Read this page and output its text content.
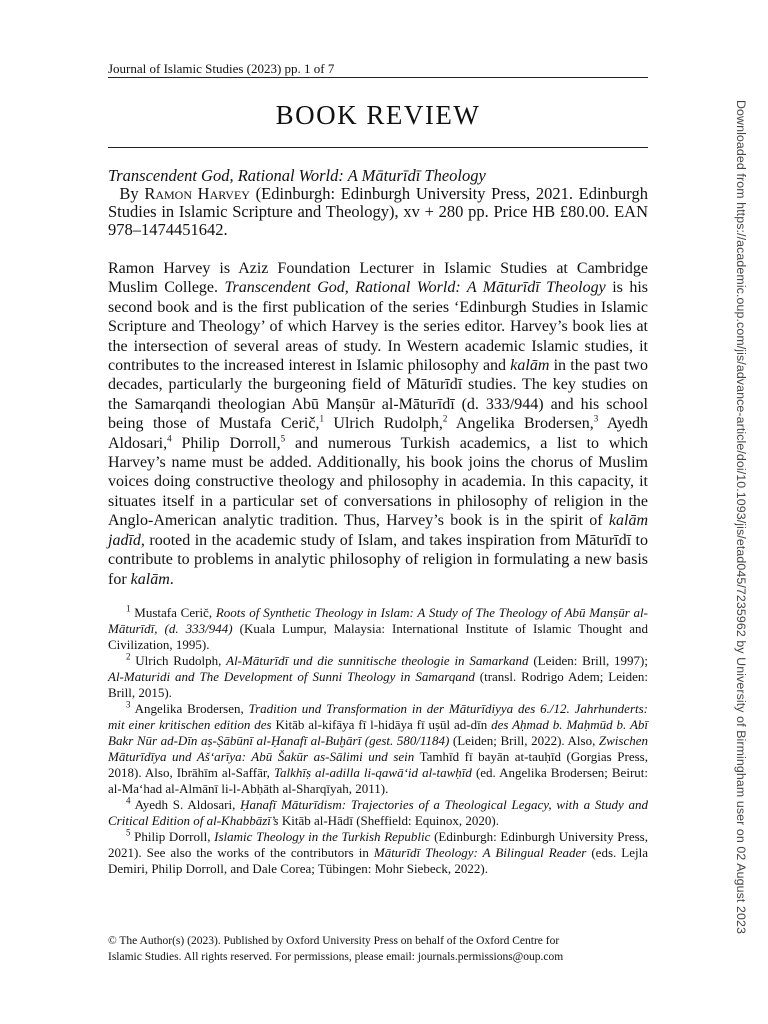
Journal of Islamic Studies (2023) pp. 1 of 7
BOOK REVIEW
Transcendent God, Rational World: A Māturīdī Theology
By Ramon Harvey (Edinburgh: Edinburgh University Press, 2021. Edinburgh Studies in Islamic Scripture and Theology), xv + 280 pp. Price HB £80.00. EAN 978–1474451642.
Ramon Harvey is Aziz Foundation Lecturer in Islamic Studies at Cambridge Muslim College. Transcendent God, Rational World: A Māturīdī Theology is his second book and is the first publication of the series ‘Edinburgh Studies in Islamic Scripture and Theology’ of which Harvey is the series editor. Harvey’s book lies at the intersection of several areas of study. In Western academic Islamic studies, it contributes to the increased interest in Islamic philosophy and kalām in the past two decades, particularly the burgeoning field of Māturīdī studies. The key studies on the Samarqandi theologian Abū Manṣūr al-Māturīdī (d. 333/944) and his school being those of Mustafa Cerič,$^1$ Ulrich Rudolph,$^2$ Angelika Brodersen,$^3$ Ayedh Aldosari,$^4$ Philip Dorroll,$^5$ and numerous Turkish academics, a list to which Harvey’s name must be added. Additionally, his book joins the chorus of Muslim voices doing constructive theology and philosophy in academia. In this capacity, it situates itself in a particular set of conversations in philosophy of religion in the Anglo-American analytic tradition. Thus, Harvey’s book is in the spirit of kalām jadīd, rooted in the academic study of Islam, and takes inspiration from Māturīdī to contribute to problems in analytic philosophy of religion in formulating a new basis for kalām.
$^1$ Mustafa Cerič, Roots of Synthetic Theology in Islam: A Study of The Theology of Abū Manṣūr al-Māturīdī, (d. 333/944) (Kuala Lumpur, Malaysia: International Institute of Islamic Thought and Civilization, 1995).
$^2$ Ulrich Rudolph, Al-Māturīdī und die sunnitische theologie in Samarkand (Leiden: Brill, 1997); Al-Maturidi and The Development of Sunni Theology in Samarqand (transl. Rodrigo Adem; Leiden: Brill, 2015).
$^3$ Angelika Brodersen, Tradition und Transformation in der Māturīdiyya des 6./12. Jahrhunderts: mit einer kritischen edition des Kitāb al-kifāya fī l-hidāya fī uṣūl ad-dīn des Aḥmad b. Maḥmūd b. Abī Bakr Nūr ad-Dīn aṣ-Ṣābūnī al-Ḥanafī al-Buḫārī (gest. 580/1184) (Leiden; Brill, 2022). Also, Zwischen Māturīdīya und Aš‘arīya: Abū Šakūr as-Sālimi und sein Tamhīd fī bayān at-tauḥīd (Gorgias Press, 2018). Also, Ibrāhīm al-Saffār, Talkhīṣ al-adilla li-qawā‘id al-tawḥīd (ed. Angelika Brodersen; Beirut: al-Ma‘had al-Almānī li-l-Abḥāth al-Sharqīyah, 2011).
$^4$ Ayedh S. Aldosari, Ḥanafī Māturīdism: Trajectories of a Theological Legacy, with a Study and Critical Edition of al-Khabbāzī’s Kitāb al-Hādī (Sheffield: Equinox, 2020).
$^5$ Philip Dorroll, Islamic Theology in the Turkish Republic (Edinburgh: Edinburgh University Press, 2021). See also the works of the contributors in Māturīdī Theology: A Bilingual Reader (eds. Lejla Demiri, Philip Dorroll, and Dale Corea; Tübingen: Mohr Siebeck, 2022).
© The Author(s) (2023). Published by Oxford University Press on behalf of the Oxford Centre for
Islamic Studies. All rights reserved. For permissions, please email: journals.permissions@oup.com
Downloaded from https://academic.oup.com/jis/advance-article/doi/10.1093/jis/etad045/7235962 by University of Birmingham user on 02 August 2023
